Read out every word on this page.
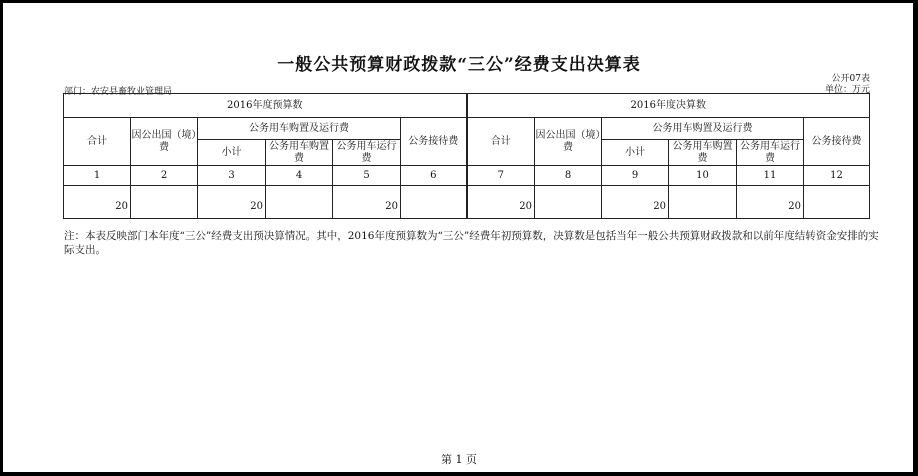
一般公共预算财政拨款“三公”经费支出决算表
公开07表
部门：农安县畜牧业管理局	单位：万元
2016年度预算数						2016年度决算数					
合计	因公出国（境）费	公务用车购置及运行费			公务接待费	合计	因公出国（境）费	公务用车购置及运行费			公务接待费
		小计	公务用车购置费	公务用车运行费				小计	公务用车购置费	公务用车运行费	
1	2	3	4	5	6	7	8	9	10	11	12
20		20		20		20		20		20	
注：本表反映部门本年度“三公”经费支出预决算情况。其中，2016年度预算数为“三公”经费年初预算数，决算数是包括当年一般公共预算财政拨款和以前年度结转资金安排的实际支出。
第 1 页
